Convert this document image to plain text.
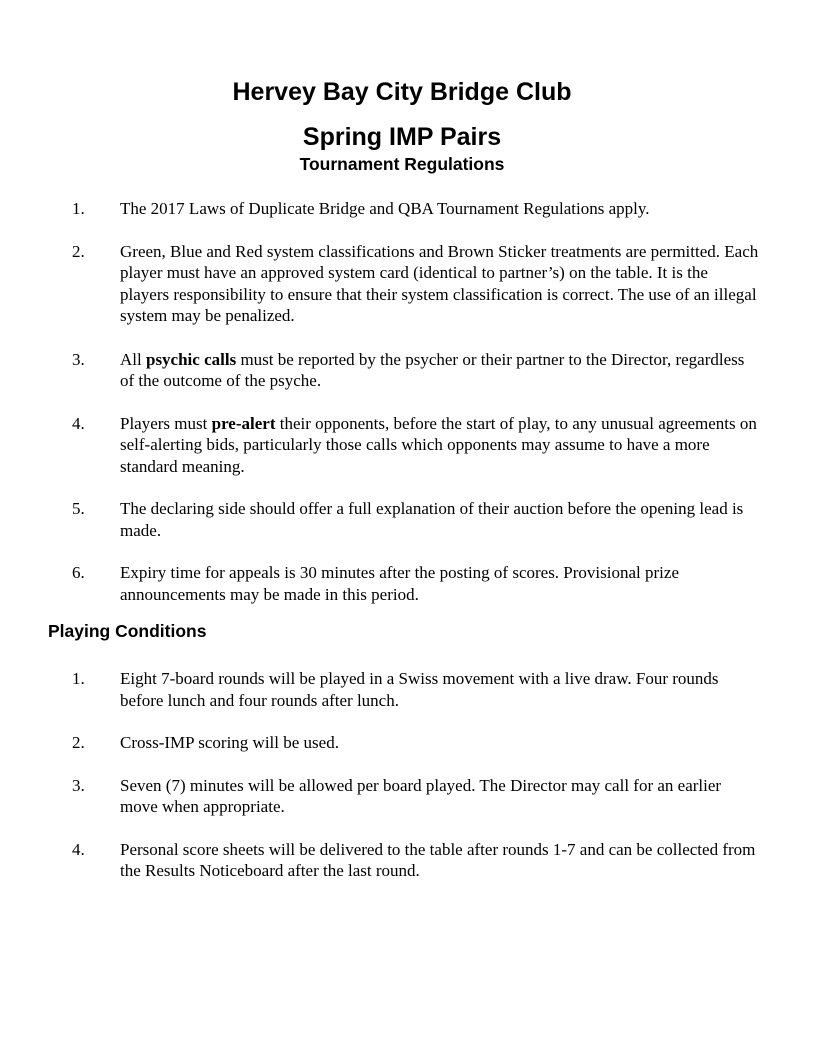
Hervey Bay City Bridge Club
Spring IMP Pairs
Tournament Regulations
1. The 2017 Laws of Duplicate Bridge and QBA Tournament Regulations apply.
2. Green, Blue and Red system classifications and Brown Sticker treatments are permitted. Each player must have an approved system card (identical to partner’s) on the table. It is the players responsibility to ensure that their system classification is correct. The use of an illegal system may be penalized.
3. All psychic calls must be reported by the psycher or their partner to the Director, regardless of the outcome of the psyche.
4. Players must pre-alert their opponents, before the start of play, to any unusual agreements on self-alerting bids, particularly those calls which opponents may assume to have a more standard meaning.
5. The declaring side should offer a full explanation of their auction before the opening lead is made.
6. Expiry time for appeals is 30 minutes after the posting of scores. Provisional prize announcements may be made in this period.
Playing Conditions
1. Eight 7-board rounds will be played in a Swiss movement with a live draw. Four rounds before lunch and four rounds after lunch.
2. Cross-IMP scoring will be used.
3. Seven (7) minutes will be allowed per board played. The Director may call for an earlier move when appropriate.
4. Personal score sheets will be delivered to the table after rounds 1-7 and can be collected from the Results Noticeboard after the last round.
